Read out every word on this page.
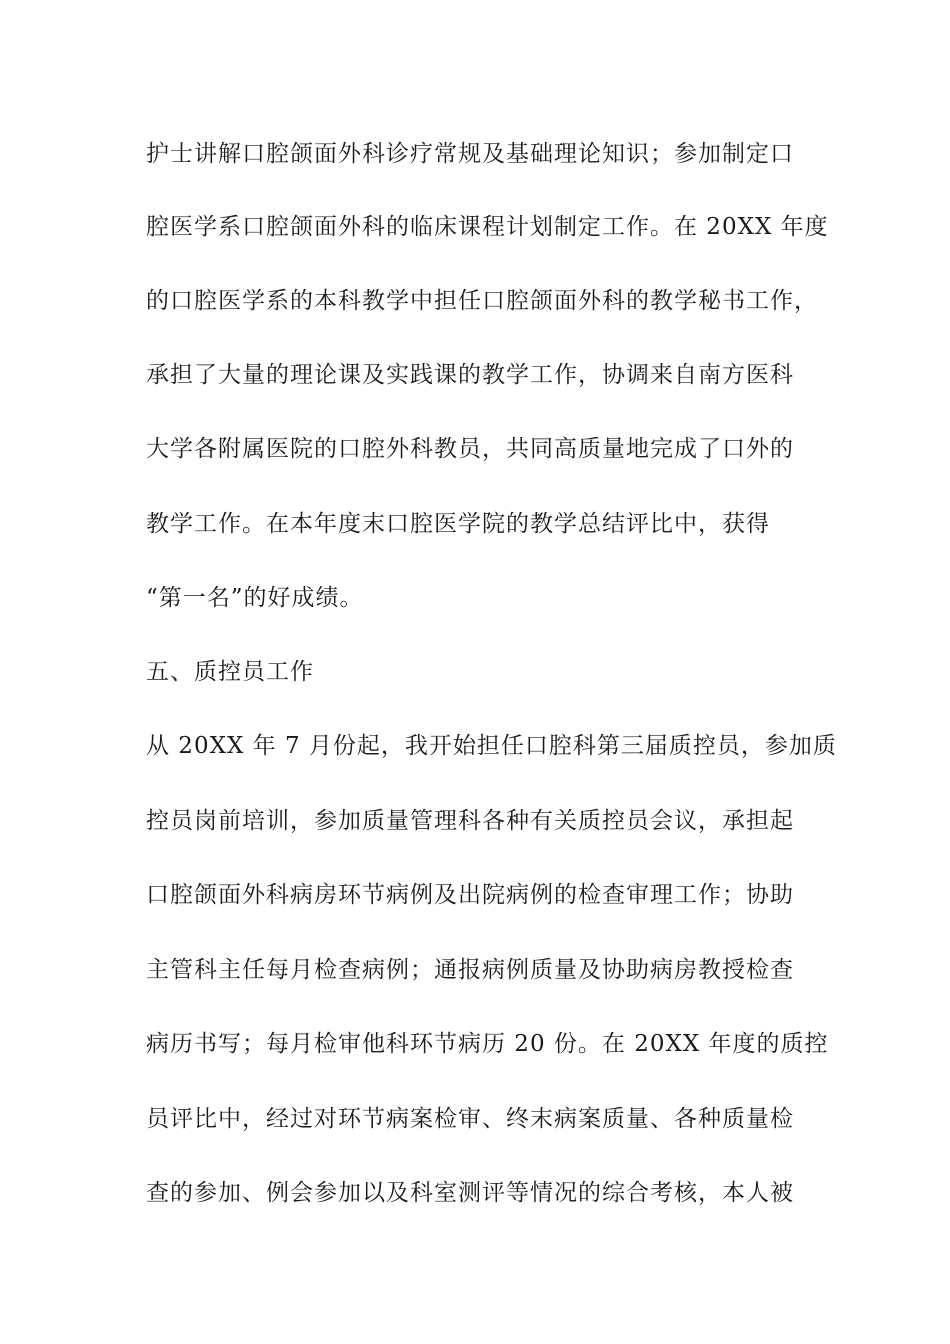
护士讲解口腔颌面外科诊疗常规及基础理论知识；参加制定口
腔医学系口腔颌面外科的临床课程计划制定工作。在 20XX 年度
的口腔医学系的本科教学中担任口腔颌面外科的教学秘书工作，
承担了大量的理论课及实践课的教学工作，协调来自南方医科
大学各附属医院的口腔外科教员，共同高质量地完成了口外的
教学工作。在本年度末口腔医学院的教学总结评比中，获得
“第一名”的好成绩。
五、质控员工作
从 20XX 年 7 月份起，我开始担任口腔科第三届质控员，参加质
控员岗前培训，参加质量管理科各种有关质控员会议，承担起
口腔颌面外科病房环节病例及出院病例的检查审理工作；协助
主管科主任每月检查病例；通报病例质量及协助病房教授检查
病历书写；每月检审他科环节病历 20 份。在 20XX 年度的质控
员评比中，经过对环节病案检审、终末病案质量、各种质量检
查的参加、例会参加以及科室测评等情况的综合考核，本人被
